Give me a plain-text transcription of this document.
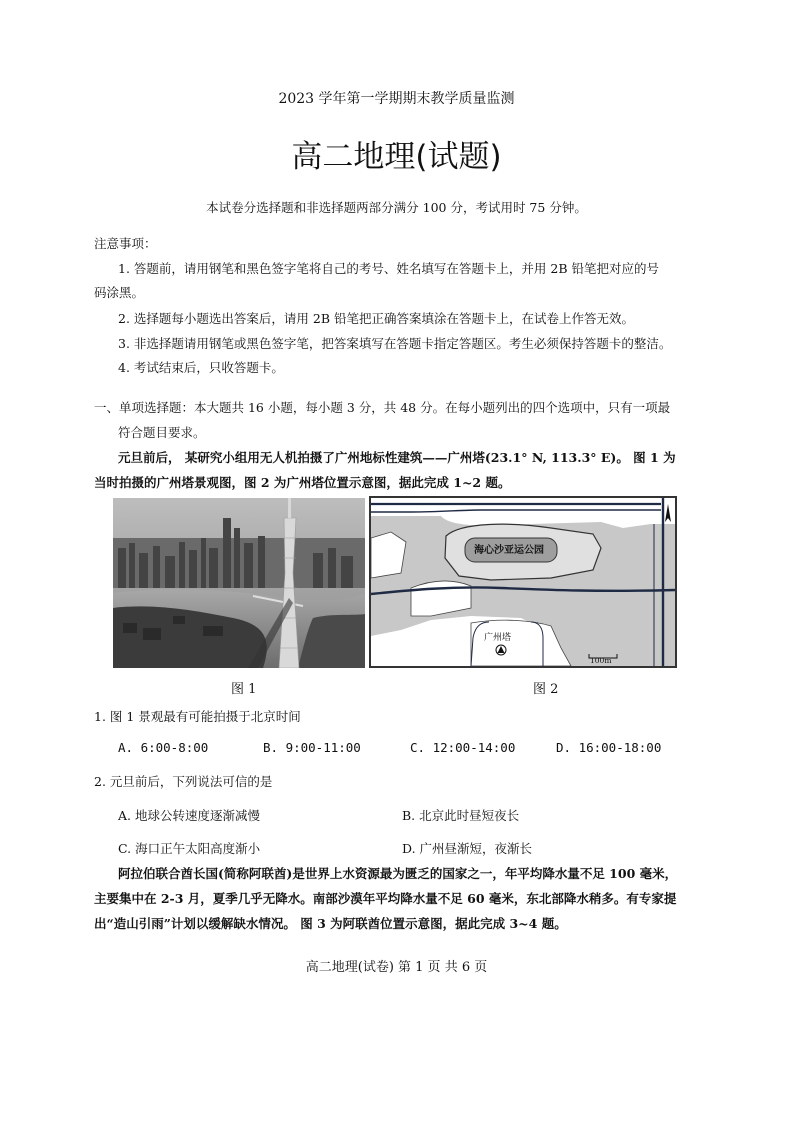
2023 学年第一学期期末教学质量监测
高二地理(试题)
本试卷分选择题和非选择题两部分满分 100 分，考试用时 75 分钟。
注意事项：
1. 答题前，请用钢笔和黑色签字笔将自己的考号、姓名填写在答题卡上，并用 2B 铅笔把对应的号
码涂黑。
2. 选择题每小题选出答案后，请用 2B 铅笔把正确答案填涂在答题卡上，在试卷上作答无效。
3. 非选择题请用钢笔或黑色签字笔，把答案填写在答题卡指定答题区。考生必须保持答题卡的整洁。
4. 考试结束后，只收答题卡。
一、单项选择题：本大题共 16 小题，每小题 3 分，共 48 分。在每小题列出的四个选项中，只有一项最
符合题目要求。
元旦前后， 某研究小组用无人机拍摄了广州地标性建筑——广州塔(23.1° N, 113.3° E)。 图 1 为
当时拍摄的广州塔景观图，图 2 为广州塔位置示意图，据此完成 1~2 题。
图 1
海心沙亚运公园
广州塔
100m
图 2
1. 图 1 景观最有可能拍摄于北京时间
A. 6:00-8:00	B. 9:00-11:00	C. 12:00-14:00	D. 16:00-18:00
2. 元旦前后，下列说法可信的是
A. 地球公转速度逐渐减慢	B. 北京此时昼短夜长
C. 海口正午太阳高度渐小	D. 广州昼渐短，夜渐长
阿拉伯联合酋长国(简称阿联酋)是世界上水资源最为匮乏的国家之一，年平均降水量不足 100 毫米，
主要集中在 2-3 月，夏季几乎无降水。南部沙漠年平均降水量不足 60 毫米，东北部降水稍多。有专家提
出“造山引雨”计划以缓解缺水情况。 图 3 为阿联酋位置示意图，据此完成 3~4 题。
高二地理(试卷) 第 1 页 共 6 页
